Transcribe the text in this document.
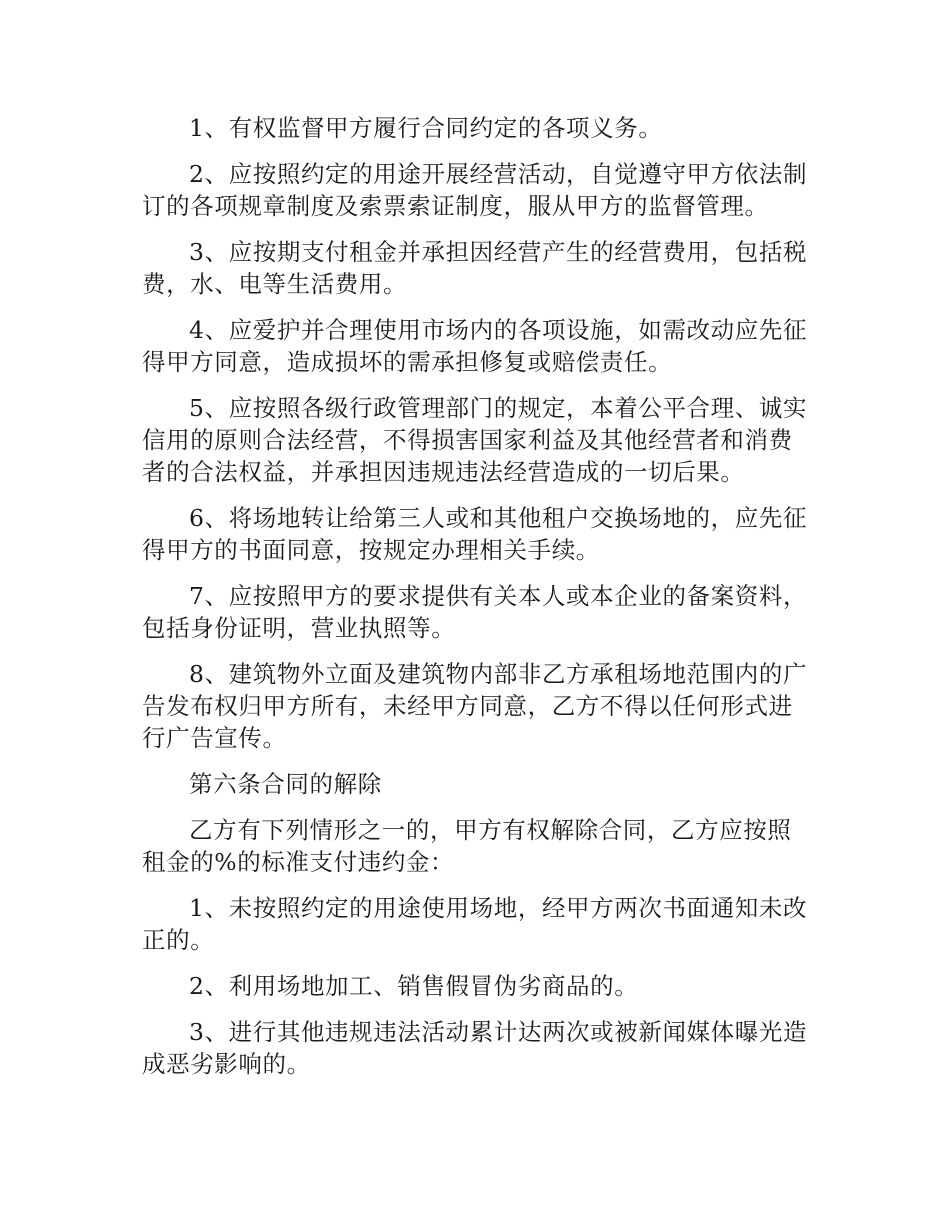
1、有权监督甲方履行合同约定的各项义务。

2、应按照约定的用途开展经营活动，自觉遵守甲方依法制订的各项规章制度及索票索证制度，服从甲方的监督管理。

3、应按期支付租金并承担因经营产生的经营费用，包括税费，水、电等生活费用。

4、应爱护并合理使用市场内的各项设施，如需改动应先征得甲方同意，造成损坏的需承担修复或赔偿责任。

5、应按照各级行政管理部门的规定，本着公平合理、诚实信用的原则合法经营，不得损害国家利益及其他经营者和消费者的合法权益，并承担因违规违法经营造成的一切后果。

6、将场地转让给第三人或和其他租户交换场地的，应先征得甲方的书面同意，按规定办理相关手续。

7、应按照甲方的要求提供有关本人或本企业的备案资料，包括身份证明，营业执照等。

8、建筑物外立面及建筑物内部非乙方承租场地范围内的广告发布权归甲方所有，未经甲方同意，乙方不得以任何形式进行广告宣传。

第六条合同的解除

乙方有下列情形之一的，甲方有权解除合同，乙方应按照租金的%的标准支付违约金：

1、未按照约定的用途使用场地，经甲方两次书面通知未改正的。

2、利用场地加工、销售假冒伪劣商品的。

3、进行其他违规违法活动累计达两次或被新闻媒体曝光造成恶劣影响的。
